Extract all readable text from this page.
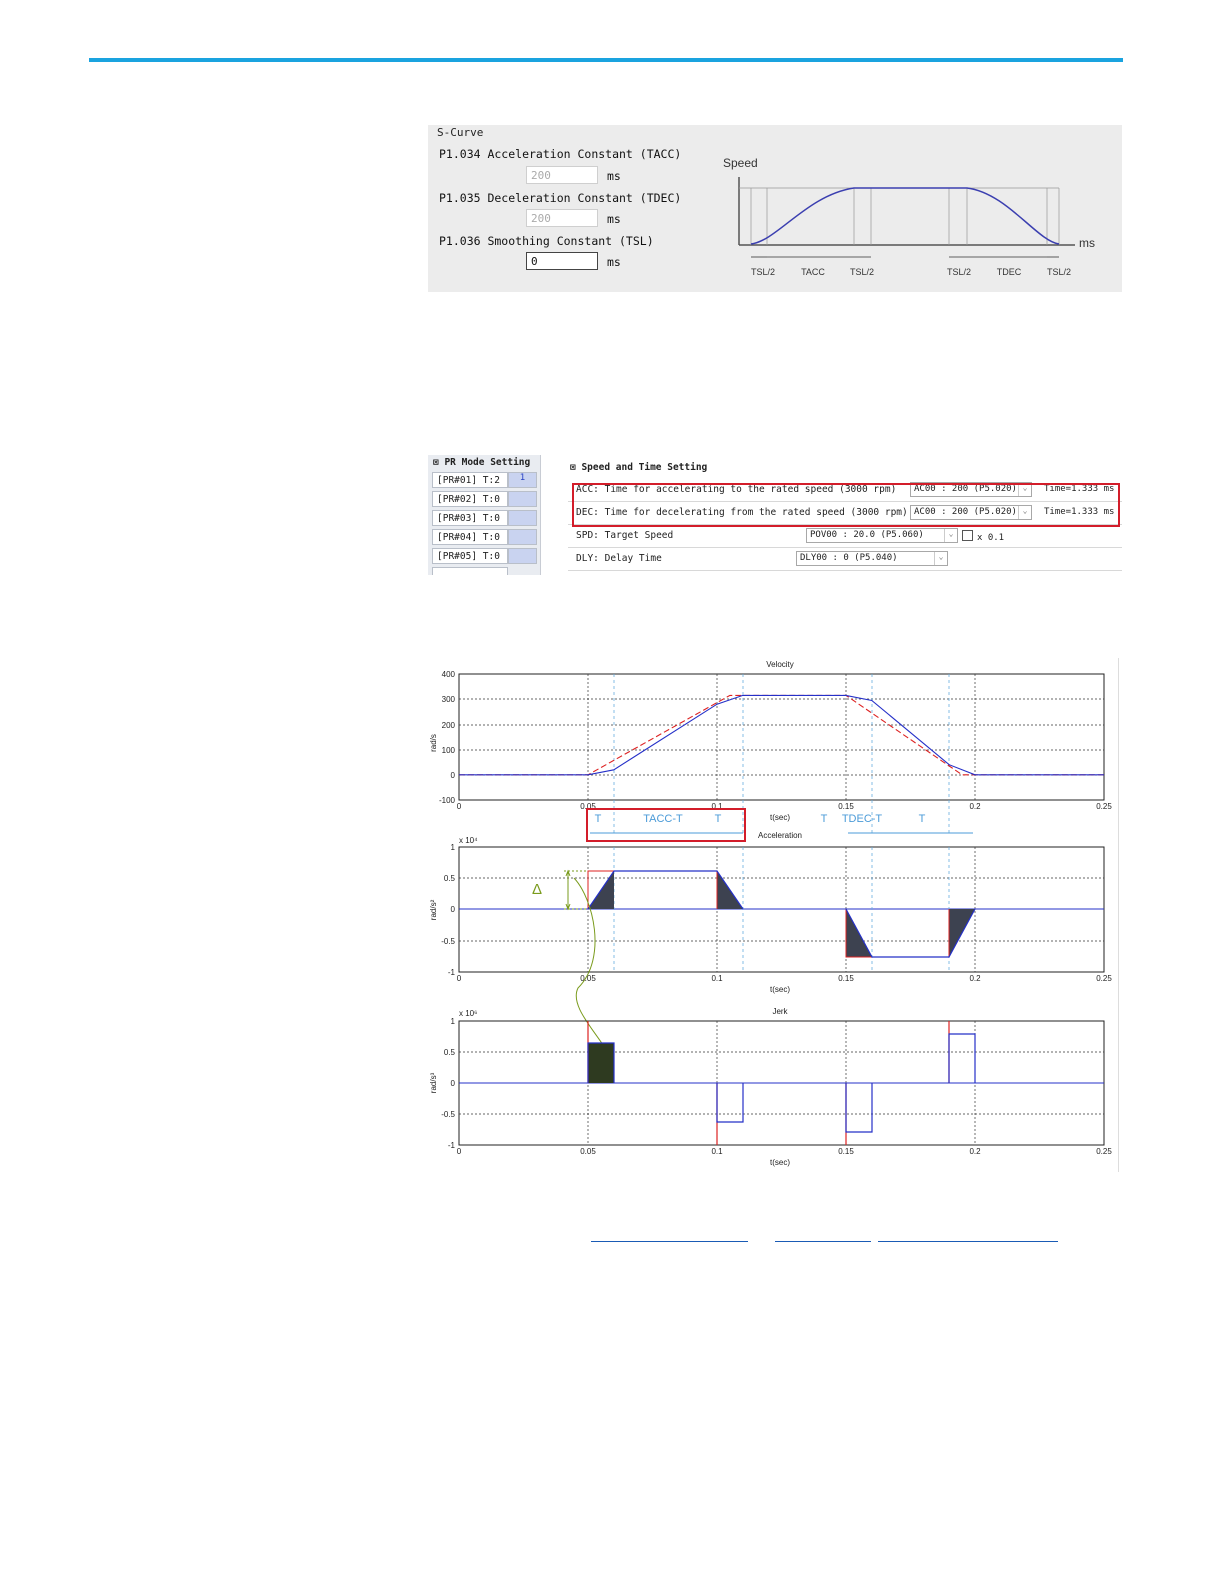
S-Curve
P1.034 Acceleration Constant (TACC)
200	ms
P1.035 Deceleration Constant (TDEC)
200	ms
P1.036 Smoothing Constant (TSL)
0	ms
Speed
ms
TSL/2	TACC	TSL/2	TSL/2	TDEC	TSL/2
⊠ PR Mode Setting
[PR#01] T:2	1
[PR#02] T:0
[PR#03] T:0
[PR#04] T:0
[PR#05] T:0
⊠ Speed and Time Setting
ACC: Time for accelerating to the rated speed (3000 rpm)	AC00 : 200 (P5.020) ⌄	Time=1.333 ms
DEC: Time for decelerating from the rated speed (3000 rpm) AC00 : 200 (P5.020) ⌄	Time=1.333 ms
SPD: Target Speed	POV00 : 20.0 (P5.060)	⌄	x 0.1
DLY: Delay Time	DLY00 : 0 (P5.040)	⌄
Velocity
400
300
200
100
0
-100
rad/s
0	0.05	0.1	0.15	0.2	0.25
t(sec)
T	TACC-T	T	T TDEC-T	T
Acceleration
x 10⁴
1
0.5
0
-0.5
-1
rad/s²
0	0.05	0.1	0.15	0.2	0.25
t(sec)
Δ
Jerk
x 10⁶
1
0.5
0
-0.5
-1
rad/s³
0	0.05	0.1	0.15	0.2	0.25
t(sec)
